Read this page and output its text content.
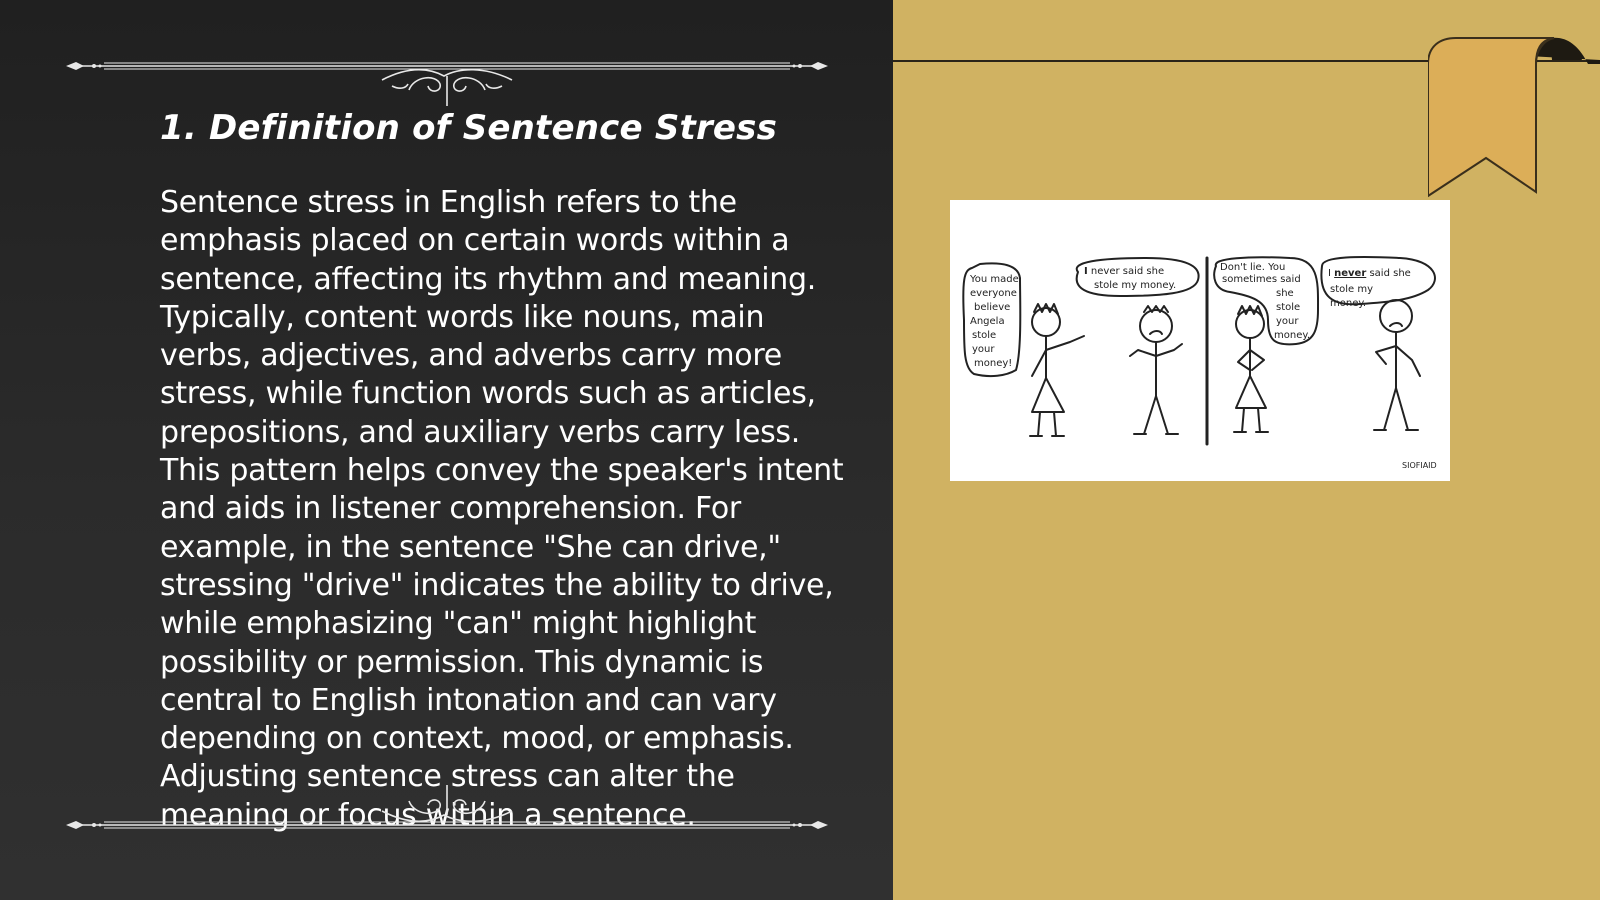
1. Definition of Sentence Stress

Sentence stress in English refers to the emphasis placed on certain words within a sentence, affecting its rhythm and meaning. Typically, content words like nouns, main verbs, adjectives, and adverbs carry more stress, while function words such as articles, prepositions, and auxiliary verbs carry less. This pattern helps convey the speaker's intent and aids in listener comprehension. For example, in the sentence "She can drive," stressing "drive" indicates the ability to drive, while emphasizing "can" might highlight possibility or permission. This dynamic is central to English intonation and can vary depending on context, mood, or emphasis. Adjusting sentence stress can alter the meaning or focus within a sentence.

You made
everyone
believe
Angela
stole
your
money!
I never said she
stole my money.
Don't lie. You
sometimes said
she
stole
your
money.
I never said she
stole my
money.
SIOFIAID
